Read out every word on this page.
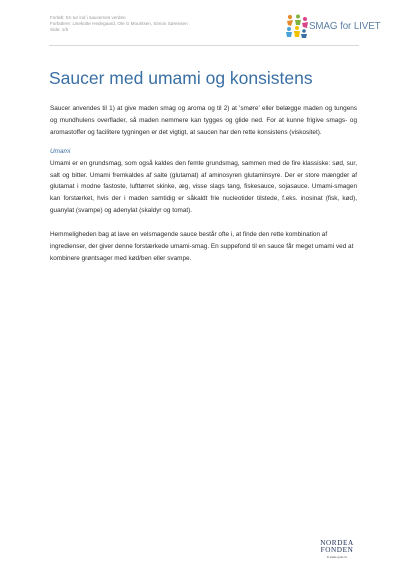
Forløb: En tur ind i saucernes verden
Forfattere: Lisekotte Hedegaard, Ole G Mouritsen, Simon Sørensen
Side: 1/5	SMAG for LIVET
Saucer med umami og konsistens

Saucer anvendes til 1) at give maden smag og aroma og til 2) at 'smøre' eller belægge maden og tungens og mundhulens overflader, så maden nemmere kan tygges og glide ned. For at kunne frigive smags- og aromastoffer og facilitere tygningen er det vigtigt, at saucen har den rette konsistens (viskositet).

Umami

Umami er en grundsmag, som også kaldes den femte grundsmag, sammen med de fire klassiske: sød, sur, salt og bitter. Umami fremkaldes af salte (glutamat) af aminosyren glutaminsyre. Der er store mængder af glutamat i modne fastoste, lufttørret skinke, æg, visse slags tang, fiskesauce, sojasauce. Umami-smagen kan forstærket, hvis der i maden samtidig er såkaldt frie nucleotider tilstede, f.eks. inosinat (fisk, kød), guanylat (svampe) og adenylat (skaldyr og tomat).

Hemmeligheden bag at lave en velsmagende sauce består ofte i, at finde den rette kombination af ingredienser, der giver denne forstærkede umami-smag. En suppefond til en sauce får meget umami ved at kombinere grøntsager med kød/ben eller svampe.

NORDEA
FONDEN
til støtte gode liv
